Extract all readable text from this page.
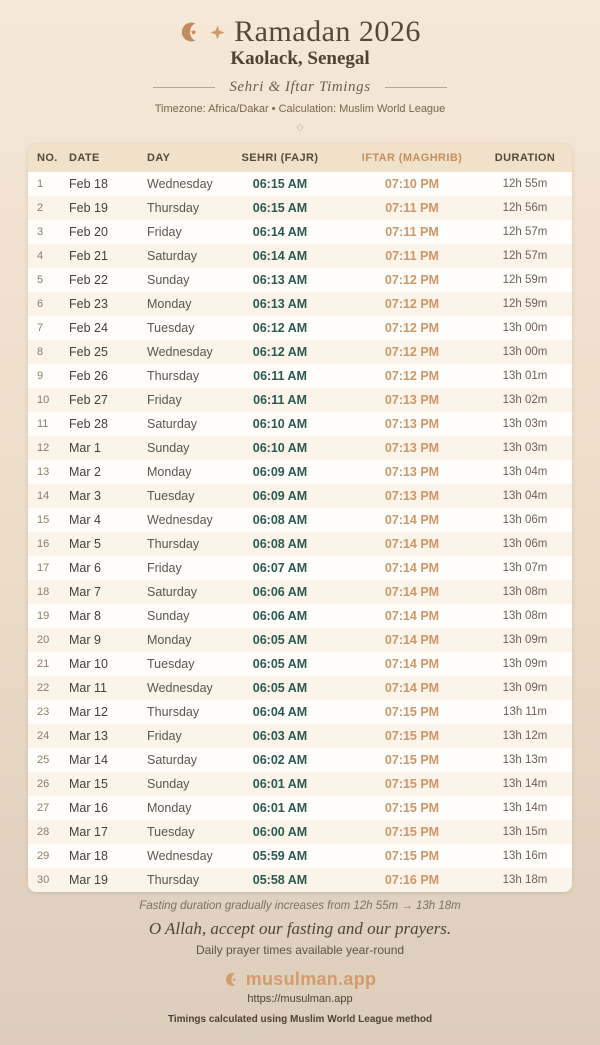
Ramadan 2026
Kaolack, Senegal
Sehri & Iftar Timings
Timezone: Africa/Dakar • Calculation: Muslim World League
◇
NO.	DATE	DAY	SEHRI (FAJR)	IFTAR (MAGHRIB)	DURATION
1	Feb 18	Wednesday	06:15 AM	07:10 PM	12h 55m
2	Feb 19	Thursday	06:15 AM	07:11 PM	12h 56m
3	Feb 20	Friday	06:14 AM	07:11 PM	12h 57m
4	Feb 21	Saturday	06:14 AM	07:11 PM	12h 57m
5	Feb 22	Sunday	06:13 AM	07:12 PM	12h 59m
6	Feb 23	Monday	06:13 AM	07:12 PM	12h 59m
7	Feb 24	Tuesday	06:12 AM	07:12 PM	13h 00m
8	Feb 25	Wednesday	06:12 AM	07:12 PM	13h 00m
9	Feb 26	Thursday	06:11 AM	07:12 PM	13h 01m
10	Feb 27	Friday	06:11 AM	07:13 PM	13h 02m
11	Feb 28	Saturday	06:10 AM	07:13 PM	13h 03m
12	Mar 1	Sunday	06:10 AM	07:13 PM	13h 03m
13	Mar 2	Monday	06:09 AM	07:13 PM	13h 04m
14	Mar 3	Tuesday	06:09 AM	07:13 PM	13h 04m
15	Mar 4	Wednesday	06:08 AM	07:14 PM	13h 06m
16	Mar 5	Thursday	06:08 AM	07:14 PM	13h 06m
17	Mar 6	Friday	06:07 AM	07:14 PM	13h 07m
18	Mar 7	Saturday	06:06 AM	07:14 PM	13h 08m
19	Mar 8	Sunday	06:06 AM	07:14 PM	13h 08m
20	Mar 9	Monday	06:05 AM	07:14 PM	13h 09m
21	Mar 10	Tuesday	06:05 AM	07:14 PM	13h 09m
22	Mar 11	Wednesday	06:05 AM	07:14 PM	13h 09m
23	Mar 12	Thursday	06:04 AM	07:15 PM	13h 11m
24	Mar 13	Friday	06:03 AM	07:15 PM	13h 12m
25	Mar 14	Saturday	06:02 AM	07:15 PM	13h 13m
26	Mar 15	Sunday	06:01 AM	07:15 PM	13h 14m
27	Mar 16	Monday	06:01 AM	07:15 PM	13h 14m
28	Mar 17	Tuesday	06:00 AM	07:15 PM	13h 15m
29	Mar 18	Wednesday	05:59 AM	07:15 PM	13h 16m
30	Mar 19	Thursday	05:58 AM	07:16 PM	13h 18m
Fasting duration gradually increases from 12h 55m → 13h 18m
O Allah, accept our fasting and our prayers.
Daily prayer times available year-round
musulman.app
https://musulman.app
Timings calculated using Muslim World League method
